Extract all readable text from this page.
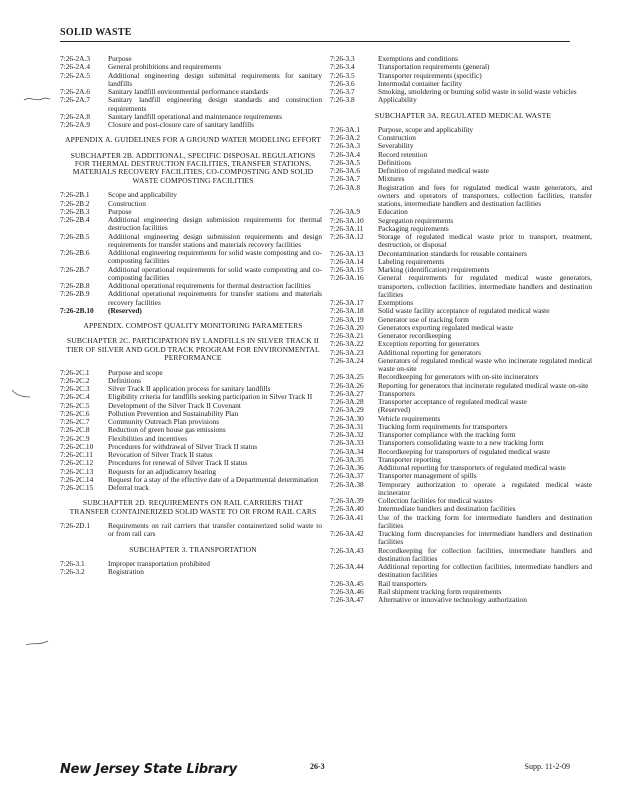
SOLID WASTE
7:26-2A.3	Purpose
7:26-2A.4	General prohibitions and requirements
7:26-2A.5	Additional engineering design submittal requirements for sanitary landfills
7:26-2A.6	Sanitary landfill environmental performance standards
7:26-2A.7	Sanitary landfill engineering design standards and construction requirements
7:26-2A.8	Sanitary landfill operational and maintenance requirements
7:26-2A.9	Closure and post-closure care of sanitary landfills
APPENDIX A. GUIDELINES FOR A GROUND WATER MODELING EFFORT
SUBCHAPTER 2B. ADDITIONAL, SPECIFIC DISPOSAL REGULATIONS FOR THERMAL DESTRUCTION FACILITIES, TRANSFER STATIONS, MATERIALS RECOVERY FACILITIES, CO-COMPOSTING AND SOLID WASTE COMPOSTING FACILITIES
7:26-2B.1	Scope and applicability
7:26-2B.2	Construction
7:26-2B.3	Purpose
7:26-2B.4	Additional engineering design submission requirements for thermal destruction facilities
7:26-2B.5	Additional engineering design submission requirements and design requirements for transfer stations and materials recovery facilities
7:26-2B.6	Additional engineering requirements for solid waste composting and co-composting facilities
7:26-2B.7	Additional operational requirements for solid waste composting and co-composting facilities
7:26-2B.8	Additional operational requirements for thermal destruction facilities
7:26-2B.9	Additional operational requirements for transfer stations and materials recovery facilities
7:26-2B.10	(Reserved)
APPENDIX. COMPOST QUALITY MONITORING PARAMETERS
SUBCHAPTER 2C. PARTICIPATION BY LANDFILLS IN SILVER TRACK II TIER OF SILVER AND GOLD TRACK PROGRAM FOR ENVIRONMENTAL PERFORMANCE
7:26-2C.1	Purpose and scope
7:26-2C.2	Definitions
7:26-2C.3	Silver Track II application process for sanitary landfills
7:26-2C.4	Eligibility criteria for landfills seeking participation in Silver Track II
7:26-2C.5	Development of the Silver Track II Covenant
7:26-2C.6	Pollution Prevention and Sustainability Plan
7:26-2C.7	Community Outreach Plan provisions
7:26-2C.8	Reduction of green house gas emissions
7:26-2C.9	Flexibilities and incentives
7:26-2C.10	Procedures for withdrawal of Silver Track II status
7:26-2C.11	Revocation of Silver Track II status
7:26-2C.12	Procedures for renewal of Silver Track II status
7:26-2C.13	Requests for an adjudicatory hearing
7:26-2C.14	Request for a stay of the effective date of a Departmental determination
7:26-2C.15	Deferral track
SUBCHAPTER 2D. REQUIREMENTS ON RAIL CARRIERS THAT TRANSFER CONTAINERIZED SOLID WASTE TO OR FROM RAIL CARS
7:26-2D.1	Requirements on rail carriers that transfer containerized solid waste to or from rail cars
SUBCHAPTER 3. TRANSPORTATION
7:26-3.1	Improper transportation prohibited
7:26-3.2	Registration
7:26-3.3	Exemptions and conditions
7:26-3.4	Transportation requirements (general)
7:26-3.5	Transporter requirements (specific)
7:26-3.6	Intermodal container facility
7:26-3.7	Smoking, smoldering or burning solid waste in solid waste vehicles
7:26-3.8	Applicability
SUBCHAPTER 3A. REGULATED MEDICAL WASTE
7:26-3A.1	Purpose, scope and applicability
7:26-3A.2	Construction
7:26-3A.3	Severability
7:26-3A.4	Record retention
7:26-3A.5	Definitions
7:26-3A.6	Definition of regulated medical waste
7:26-3A.7	Mixtures
7:26-3A.8	Registration and fees for regulated medical waste generators, and owners and operators of transporters, collection facilities, transfer stations, intermediate handlers and destination facilities
7:26-3A.9	Education
7:26-3A.10	Segregation requirements
7:26-3A.11	Packaging requirements
7:26-3A.12	Storage of regulated medical waste prior to transport, treatment, destruction, or disposal
7:26-3A.13	Decontamination standards for reusable containers
7:26-3A.14	Labeling requirements
7:26-3A.15	Marking (identification) requirements
7:26-3A.16	General requirements for regulated medical waste generators, transporters, collection facilities, intermediate handlers and destination facilities
7:26-3A.17	Exemptions
7:26-3A.18	Solid waste facility acceptance of regulated medical waste
7:26-3A.19	Generator use of tracking form
7:26-3A.20	Generators exporting regulated medical waste
7:26-3A.21	Generator recordkeeping
7:26-3A.22	Exception reporting for generators
7:26-3A.23	Additional reporting for generators
7:26-3A.24	Generators of regulated medical waste who incinerate regulated medical waste on-site
7:26-3A.25	Recordkeeping for generators with on-site incinerators
7:26-3A.26	Reporting for generators that incinerate regulated medical waste on-site
7:26-3A.27	Transporters
7:26-3A.28	Transporter acceptance of regulated medical waste
7:26-3A.29	(Reserved)
7:26-3A.30	Vehicle requirements
7:26-3A.31	Tracking form requirements for transporters
7:26-3A.32	Transporter compliance with the tracking form
7:26-3A.33	Transporters consolidating waste to a new tracking form
7:26-3A.34	Recordkeeping for transporters of regulated medical waste
7:26-3A.35	Transporter reporting
7:26-3A.36	Additional reporting for transporters of regulated medical waste
7:26-3A.37	Transporter management of spills
7:26-3A.38	Temporary authorization to operate a regulated medical waste incinerator
7:26-3A.39	Collection facilities for medical wastes
7:26-3A.40	Intermediate handlers and destination facilities
7:26-3A.41	Use of the tracking form for intermediate handlers and destination facilities
7:26-3A.42	Tracking form discrepancies for intermediate handlers and destination facilities
7:26-3A.43	Recordkeeping for collection facilities, intermediate handlers and destination facilities
7:26-3A.44	Additional reporting for collection facilities, intermediate handlers and destination facilities
7:26-3A.45	Rail transporters
7:26-3A.46	Rail shipment tracking form requirements
7:26-3A.47	Alternative or innovative technology authorization
New Jersey State Library	26-3	Supp. 11-2-09
